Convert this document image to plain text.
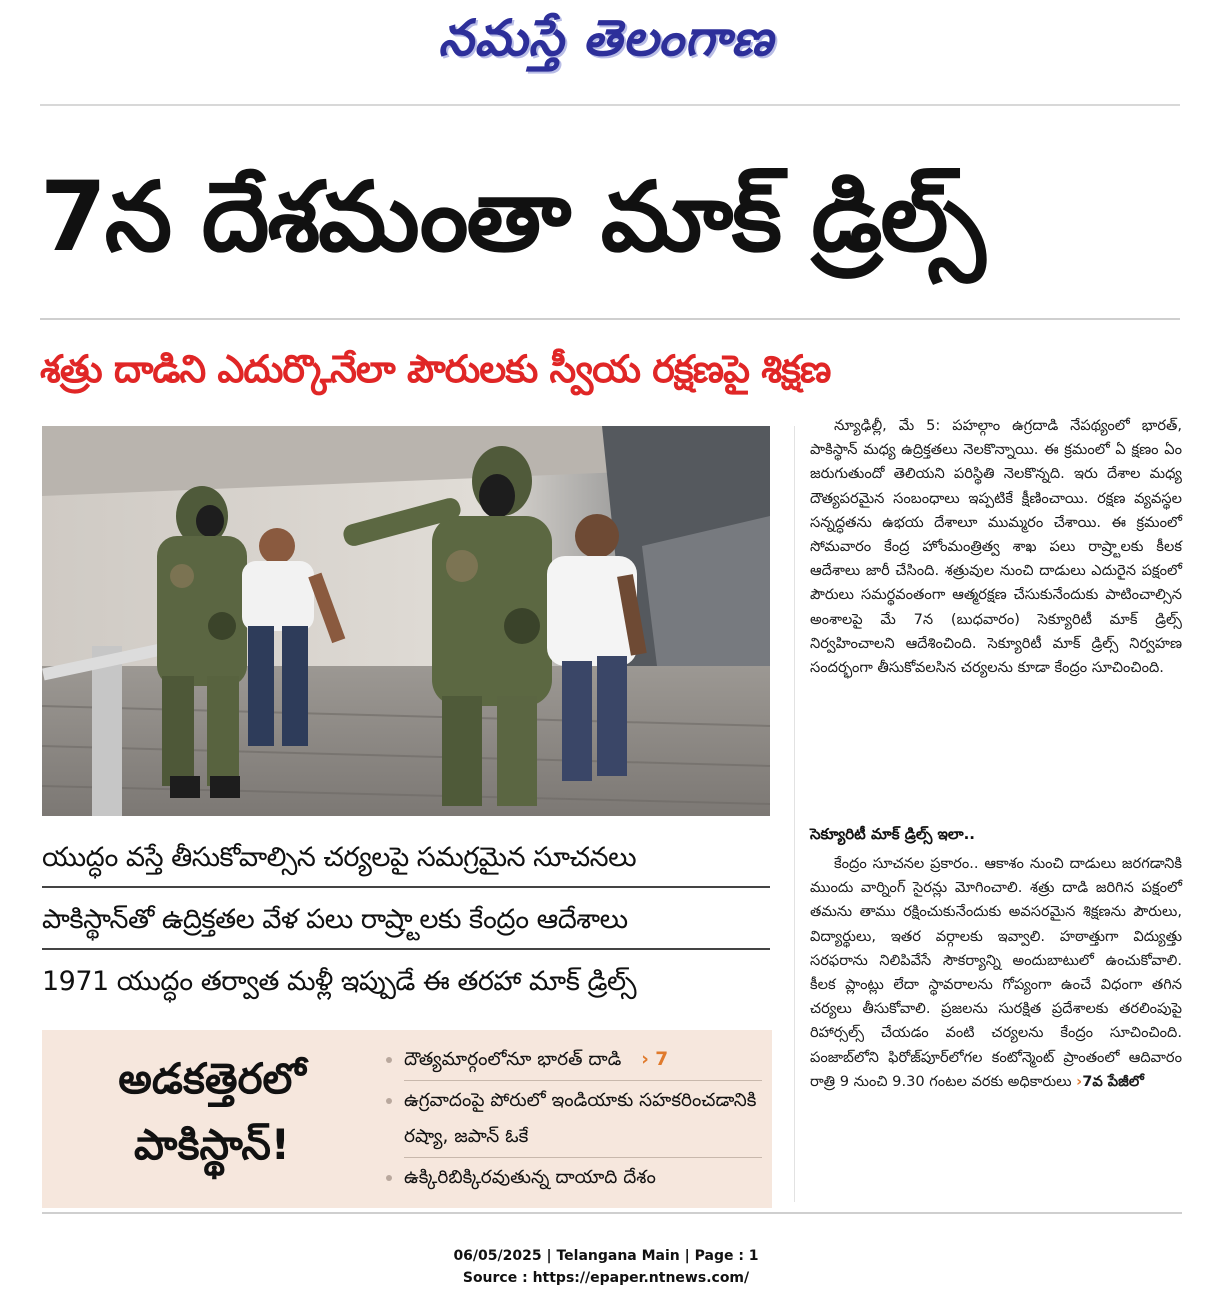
నమస్తే తెలంగాణ
7న దేశమంతా మాక్‌ డ్రిల్స్‌
శత్రు దాడిని ఎదుర్కొనేలా పౌరులకు స్వీయ రక్షణపై శిక్షణ

న్యూఢిల్లీ, మే 5: పహల్గాం ఉగ్రదాడి నేపథ్యంలో భారత్‌, పాకిస్థాన్‌ మధ్య ఉద్రిక్తతలు నెలకొన్నాయి. ఈ క్రమంలో ఏ క్షణం ఏం జరుగుతుందో తెలియని పరిస్థితి నెలకొన్నది. ఇరు దేశాల మధ్య దౌత్యపరమైన సంబంధాలు ఇప్పటికే క్షీణించాయి. రక్షణ వ్యవస్థల సన్నద్ధతను ఉభయ దేశాలూ ముమ్మరం చేశాయి. ఈ క్రమంలో సోమవారం కేంద్ర హోంమంత్రిత్వ శాఖ పలు రాష్ర్టాలకు కీలక ఆదేశాలు జారీ చేసింది. శత్రువుల నుంచి దాడులు ఎదురైన పక్షంలో పౌరులు సమర్థవంతంగా ఆత్మరక్షణ చేసుకునేందుకు పాటించాల్సిన అంశాలపై మే 7న (బుధవారం) సెక్యూరిటీ మాక్‌ డ్రిల్స్‌ నిర్వహించాలని ఆదేశించింది. సెక్యూరిటీ మాక్‌ డ్రిల్స్‌ నిర్వహణ సందర్భంగా తీసుకోవలసిన చర్యలను కూడా కేంద్రం సూచించింది.

సెక్యూరిటీ మాక్‌ డ్రిల్స్‌ ఇలా..

కేంద్రం సూచనల ప్రకారం.. ఆకాశం నుంచి దాడులు జరగడానికి ముందు వార్నింగ్‌ సైరన్లు మోగించాలి. శత్రు దాడి జరిగిన పక్షంలో తమను తాము రక్షించుకునేందుకు అవసరమైన శిక్షణను పౌరులు, విద్యార్థులు, ఇతర వర్గాలకు ఇవ్వాలి. హఠాత్తుగా విద్యుత్తు సరఫరాను నిలిపివేసే సౌకర్యాన్ని అందుబాటులో ఉంచుకోవాలి. కీలక ప్లాంట్లు లేదా స్థావరాలను గోప్యంగా ఉంచే విధంగా తగిన చర్యలు తీసుకోవాలి. ప్రజలను సురక్షిత ప్రదేశాలకు తరలింపుపై రిహార్సల్స్‌ చేయడం వంటి చర్యలను కేంద్రం సూచించింది. పంజాబ్‌లోని ఫిరోజ్‌పూర్‌లోగల కంటోన్మెంట్‌ ప్రాంతంలో ఆదివారం రాత్రి 9 నుంచి 9.30 గంటల వరకు అధికారులు ›7వ పేజీలో

యుద్ధం వస్తే తీసుకోవాల్సిన చర్యలపై సమగ్రమైన సూచనలు
పాకిస్థాన్‌తో ఉద్రిక్తతల వేళ పలు రాష్ర్టాలకు కేంద్రం ఆదేశాలు
1971 యుద్ధం తర్వాత మళ్లీ ఇప్పుడే ఈ తరహా మాక్‌ డ్రిల్స్‌
అడకత్తెరలో
పాకిస్థాన్‌!
దౌత్యమార్గంలోనూ భారత్‌ దాడి › 7
ఉగ్రవాదంపై పోరులో ఇండియాకు సహకరించడానికి రష్యా, జపాన్‌ ఓకే
ఉక్కిరిబిక్కిరవుతున్న దాయాది దేశం
06/05/2025 | Telangana Main | Page : 1
Source : https://epaper.ntnews.com/
